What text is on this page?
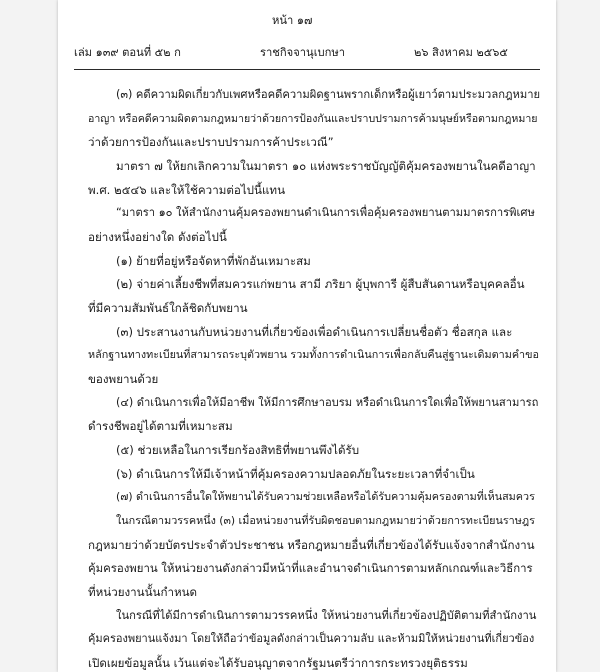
หน้า ๑๗
เล่ม ๑๓๙ ตอนที่ ๕๒ ก	ราชกิจจานุเบกษา	๒๖ สิงหาคม ๒๕๖๕
(๓) คดีความผิดเกี่ยวกับเพศหรือคดีความผิดฐานพรากเด็กหรือผู้เยาว์ตามประมวลกฎหมาย
อาญา หรือคดีความผิดตามกฎหมายว่าด้วยการป้องกันและปราบปรามการค้ามนุษย์หรือตามกฎหมาย
ว่าด้วยการป้องกันและปราบปรามการค้าประเวณี”
มาตรา ๗ ให้ยกเลิกความในมาตรา ๑๐ แห่งพระราชบัญญัติคุ้มครองพยานในคดีอาญา
พ.ศ. ๒๕๔๖ และให้ใช้ความต่อไปนี้แทน
“มาตรา ๑๐ ให้สำนักงานคุ้มครองพยานดำเนินการเพื่อคุ้มครองพยานตามมาตรการพิเศษ
อย่างหนึ่งอย่างใด ดังต่อไปนี้
(๑) ย้ายที่อยู่หรือจัดหาที่พักอันเหมาะสม
(๒) จ่ายค่าเลี้ยงชีพที่สมควรแก่พยาน สามี ภริยา ผู้บุพการี ผู้สืบสันดานหรือบุคคลอื่น
ที่มีความสัมพันธ์ใกล้ชิดกับพยาน
(๓) ประสานงานกับหน่วยงานที่เกี่ยวข้องเพื่อดำเนินการเปลี่ยนชื่อตัว ชื่อสกุล และ
หลักฐานทางทะเบียนที่สามารถระบุตัวพยาน รวมทั้งการดำเนินการเพื่อกลับคืนสู่ฐานะเดิมตามคำขอ
ของพยานด้วย
(๔) ดำเนินการเพื่อให้มีอาชีพ ให้มีการศึกษาอบรม หรือดำเนินการใดเพื่อให้พยานสามารถ
ดำรงชีพอยู่ได้ตามที่เหมาะสม
(๕) ช่วยเหลือในการเรียกร้องสิทธิที่พยานพึงได้รับ
(๖) ดำเนินการให้มีเจ้าหน้าที่คุ้มครองความปลอดภัยในระยะเวลาที่จำเป็น
(๗) ดำเนินการอื่นใดให้พยานได้รับความช่วยเหลือหรือได้รับความคุ้มครองตามที่เห็นสมควร
ในกรณีตามวรรคหนึ่ง (๓) เมื่อหน่วยงานที่รับผิดชอบตามกฎหมายว่าด้วยการทะเบียนราษฎร
กฎหมายว่าด้วยบัตรประจำตัวประชาชน หรือกฎหมายอื่นที่เกี่ยวข้องได้รับแจ้งจากสำนักงาน
คุ้มครองพยาน ให้หน่วยงานดังกล่าวมีหน้าที่และอำนาจดำเนินการตามหลักเกณฑ์และวิธีการ
ที่หน่วยงานนั้นกำหนด
ในกรณีที่ได้มีการดำเนินการตามวรรคหนึ่ง ให้หน่วยงานที่เกี่ยวข้องปฏิบัติตามที่สำนักงาน
คุ้มครองพยานแจ้งมา โดยให้ถือว่าข้อมูลดังกล่าวเป็นความลับ และห้ามมิให้หน่วยงานที่เกี่ยวข้อง
เปิดเผยข้อมูลนั้น เว้นแต่จะได้รับอนุญาตจากรัฐมนตรีว่าการกระทรวงยุติธรรม
